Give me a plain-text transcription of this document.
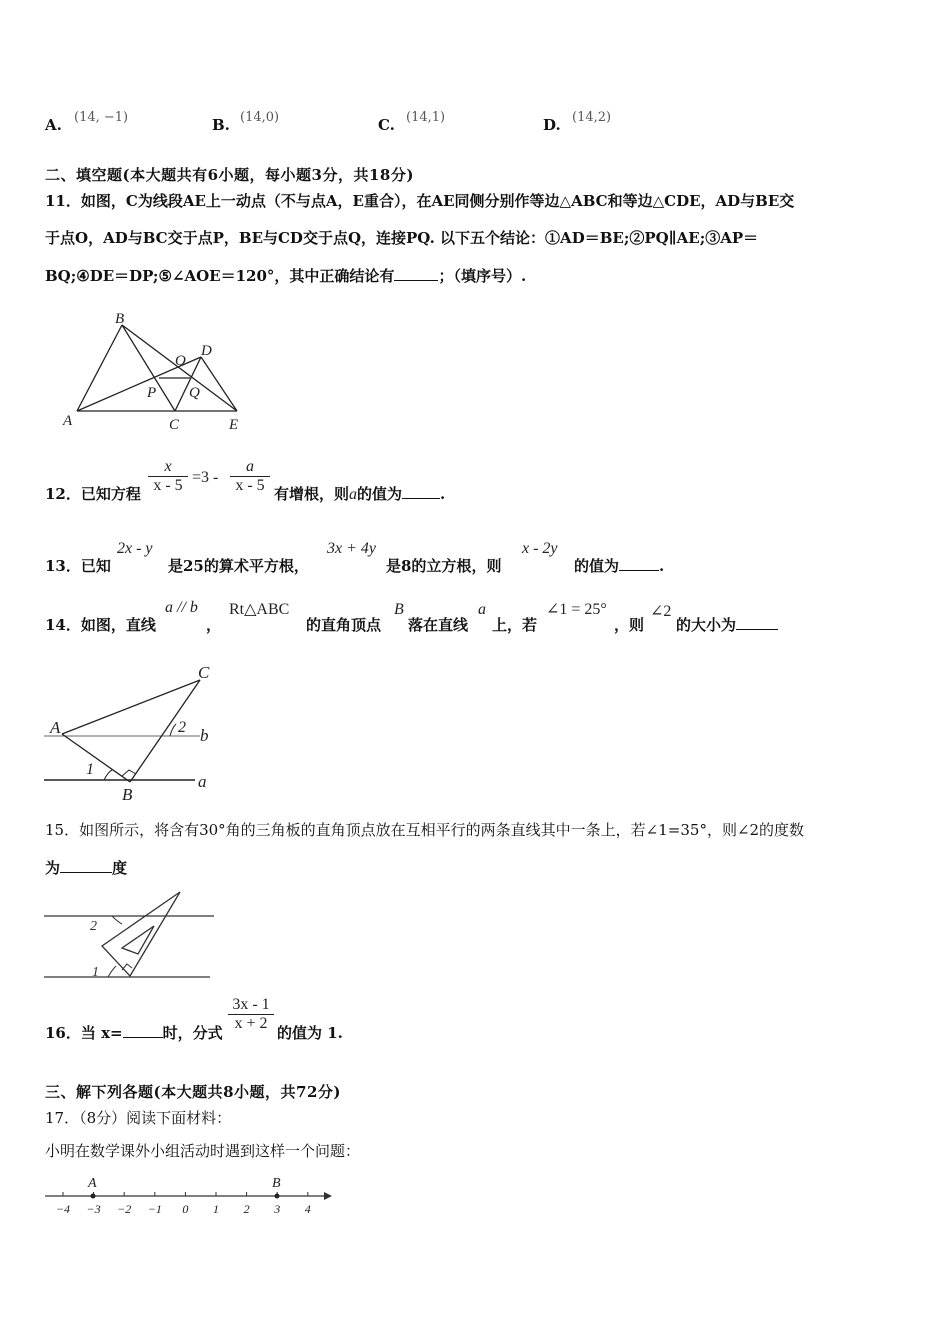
A. (14, −1)	B. (14,0)	C. (14,1)	D. (14,2)
二、填空题(本大题共有6小题，每小题3分，共18分)
11．如图，C为线段AE上一动点（不与点A，E重合），在AE同侧分别作等边△ABC和等边△CDE，AD与BE交
于点O，AD与BC交于点P，BE与CD交于点Q，连接PQ. 以下五个结论：①AD＝BE;②PQ∥AE;③AP＝
BQ;④DE＝DP;⑤∠AOE＝120°，其中正确结论有	；（填序号）.
A
B
C
D
E
O
P Q
12．已知方程
x
x - 5 =3 -
a
x - 5 有增根，则a的值为	.
13．已知
2x - y
是25的算术平方根，
3x + 4y
是8的立方根，则
x - 2y
的值为	.
14．如图，直线
a // b
，
Rt△ABC
的直角顶点
B
落在直线
a
上，若
∠1 = 25°
，则
∠2
的大小为
A
C
B
b
a
1
2
15．如图所示，将含有30°角的三角板的直角顶点放在互相平行的两条直线其中一条上，若∠1=35°，则∠2的度数
为	度
1
2
16．当 x=	时，分式
3x - 1
x + 2
的值为 1.
三、解下列各题(本大题共8小题，共72分)
17．（8分）阅读下面材料：
小明在数学课外小组活动时遇到这样一个问题：
−4 −3 −2 −1 0 1 2 3 4
A	B
